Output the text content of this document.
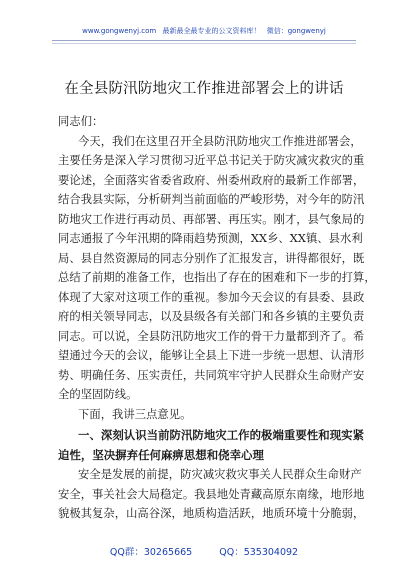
www.gongwenyj.com 最新最全最专业的公文资料库！ 微信：gongwenyj
在全县防汛防地灾工作推进部署会上的讲话
同志们：
今天，我们在这里召开全县防汛防地灾工作推进部署会，
主要任务是深入学习贯彻习近平总书记关于防灾减灾救灾的重
要论述，全面落实省委省政府、州委州政府的最新工作部署，
结合我县实际，分析研判当前面临的严峻形势，对今年的防汛
防地灾工作进行再动员、再部署、再压实。刚才，县气象局的
同志通报了今年汛期的降雨趋势预测，XX乡、XX镇、县水利
局、县自然资源局的同志分别作了汇报发言，讲得都很好，既
总结了前期的准备工作，也指出了存在的困难和下一步的打算，
体现了大家对这项工作的重视。参加今天会议的有县委、县政
府的相关领导同志，以及县级各有关部门和各乡镇的主要负责
同志。可以说，全县防汛防地灾工作的骨干力量都到齐了。希
望通过今天的会议，能够让全县上下进一步统一思想、认清形
势、明确任务、压实责任，共同筑牢守护人民群众生命财产安
全的坚固防线。
下面，我讲三点意见。
一、深刻认识当前防汛防地灾工作的极端重要性和现实紧
迫性，坚决摒弃任何麻痹思想和侥幸心理
安全是发展的前提，防灾减灾救灾事关人民群众生命财产
安全，事关社会大局稳定。我县地处青藏高原东南缘，地形地
貌极其复杂，山高谷深，地质构造活跃，地质环境十分脆弱，
QQ群：30265665	QQ：535304092
